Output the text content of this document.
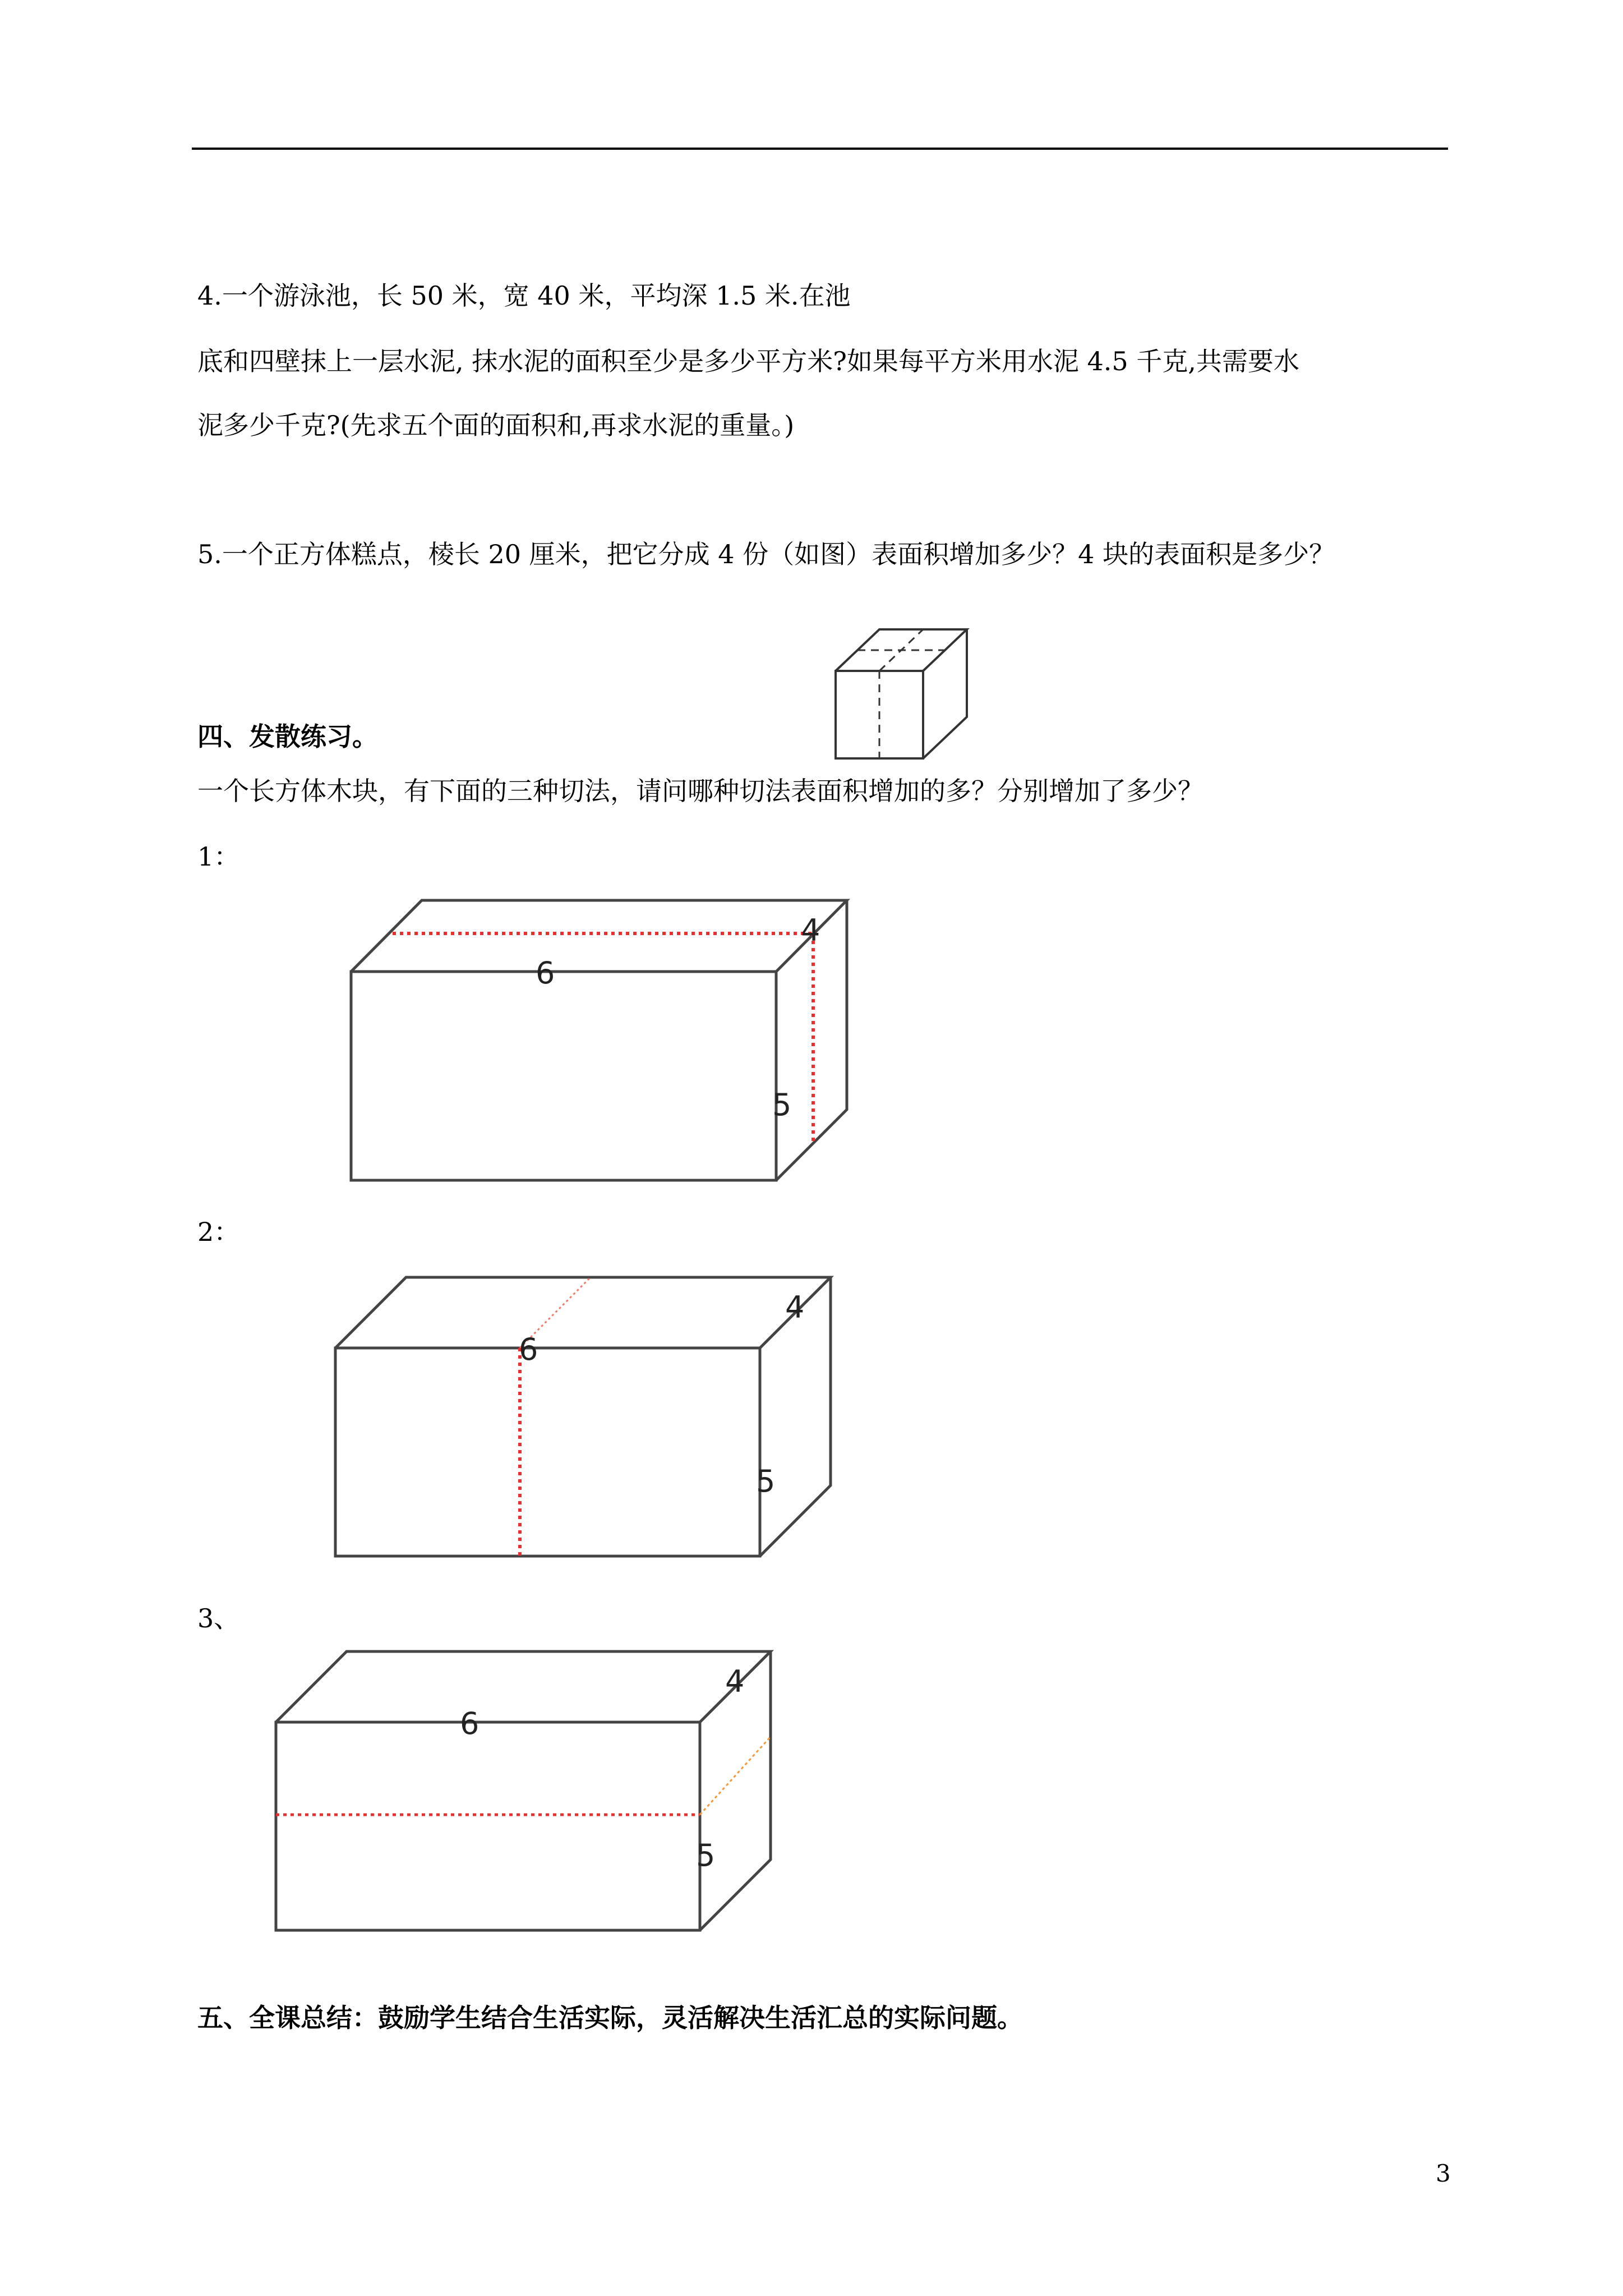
4.一个游泳池，长 50 米，宽 40 米，平均深 1.5 米.在池
底和四壁抹上一层水泥, 抹水泥的面积至少是多少平方米?如果每平方米用水泥 4.5 千克,共需要水
泥多少千克?(先求五个面的面积和,再求水泥的重量。)
5.一个正方体糕点，棱长 20 厘米，把它分成 4 份（如图）表面积增加多少？4 块的表面积是多少？
四、发散练习。
一个长方体木块，有下面的三种切法，请问哪种切法表面积增加的多？分别增加了多少？
1：
2：
3、
6
4
5
6
4
5
6
4
5
五、全课总结：鼓励学生结合生活实际，灵活解决生活汇总的实际问题。
3
